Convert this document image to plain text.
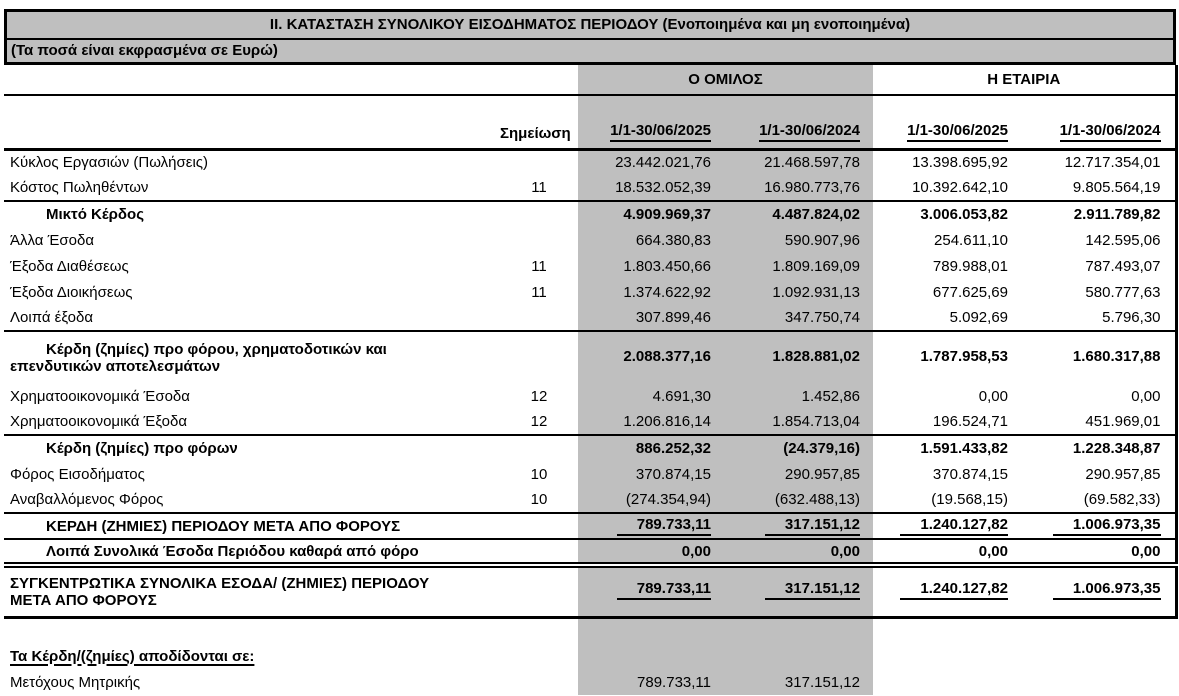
ΙΙ. ΚΑΤΑΣΤΑΣΗ ΣΥΝΟΛΙΚΟΥ ΕΙΣΟΔΗΜΑΤΟΣ ΠΕΡΙΟΔΟΥ (Ενοποιημένα και μη ενοποιημένα)
(Τα ποσά είναι εκφρασμένα σε Ευρώ)
		Ο ΟΜΙΛΟΣ		Η ΕΤΑΙΡΙΑ	
	Σημείωση	1/1-30/06/2025	1/1-30/06/2024	1/1-30/06/2025	1/1-30/06/2024
Κύκλος Εργασιών (Πωλήσεις)		23.442.021,76	21.468.597,78	13.398.695,92	12.717.354,01
Κόστος Πωληθέντων	11	18.532.052,39	16.980.773,76	10.392.642,10	9.805.564,19
Μικτό Κέρδος		4.909.969,37	4.487.824,02	3.006.053,82	2.911.789,82
Άλλα Έσοδα		664.380,83	590.907,96	254.611,10	142.595,06
Έξοδα Διαθέσεως	11	1.803.450,66	1.809.169,09	789.988,01	787.493,07
Έξοδα Διοικήσεως	11	1.374.622,92	1.092.931,13	677.625,69	580.777,63
Λοιπά έξοδα		307.899,46	347.750,74	5.092,69	5.796,30

Κέρδη (ζημίες) προ φόρου, χρηματοδοτικών και
επενδυτικών αποτελεσμάτων		2.088.377,16	1.828.881,02	1.787.958,53	1.680.317,88
Χρηματοοικονομικά Έσοδα	12	4.691,30	1.452,86	0,00	0,00
Χρηματοοικονομικά Έξοδα	12	1.206.816,14	1.854.713,04	196.524,71	451.969,01
Κέρδη (ζημίες) προ φόρων		886.252,32	(24.379,16)	1.591.433,82	1.228.348,87
Φόρος Εισοδήματος	10	370.874,15	290.957,85	370.874,15	290.957,85
Αναβαλλόμενος Φόρος	10	(274.354,94)	(632.488,13)	(19.568,15)	(69.582,33)
ΚΕΡΔΗ (ΖΗΜΙΕΣ) ΠΕΡΙΟΔΟΥ ΜΕΤΑ ΑΠΟ ΦΟΡΟΥΣ		789.733,11	317.151,12	1.240.127,82	1.006.973,35
Λοιπά Συνολικά Έσοδα Περιόδου καθαρά από φόρο		0,00	0,00	0,00	0,00

ΣΥΓΚΕΝΤΡΩΤΙΚΑ ΣΥΝΟΛΙΚΑ ΕΣΟΔΑ/ (ΖΗΜΙΕΣ) ΠΕΡΙΟΔΟΥ
ΜΕΤΑ ΑΠΟ ΦΟΡΟΥΣ		789.733,11	317.151,12	1.240.127,82	1.006.973,35

Τα Κέρδη/(ζημίες) αποδίδονται σε:					
Μετόχους Μητρικής		789.733,11	317.151,12		
